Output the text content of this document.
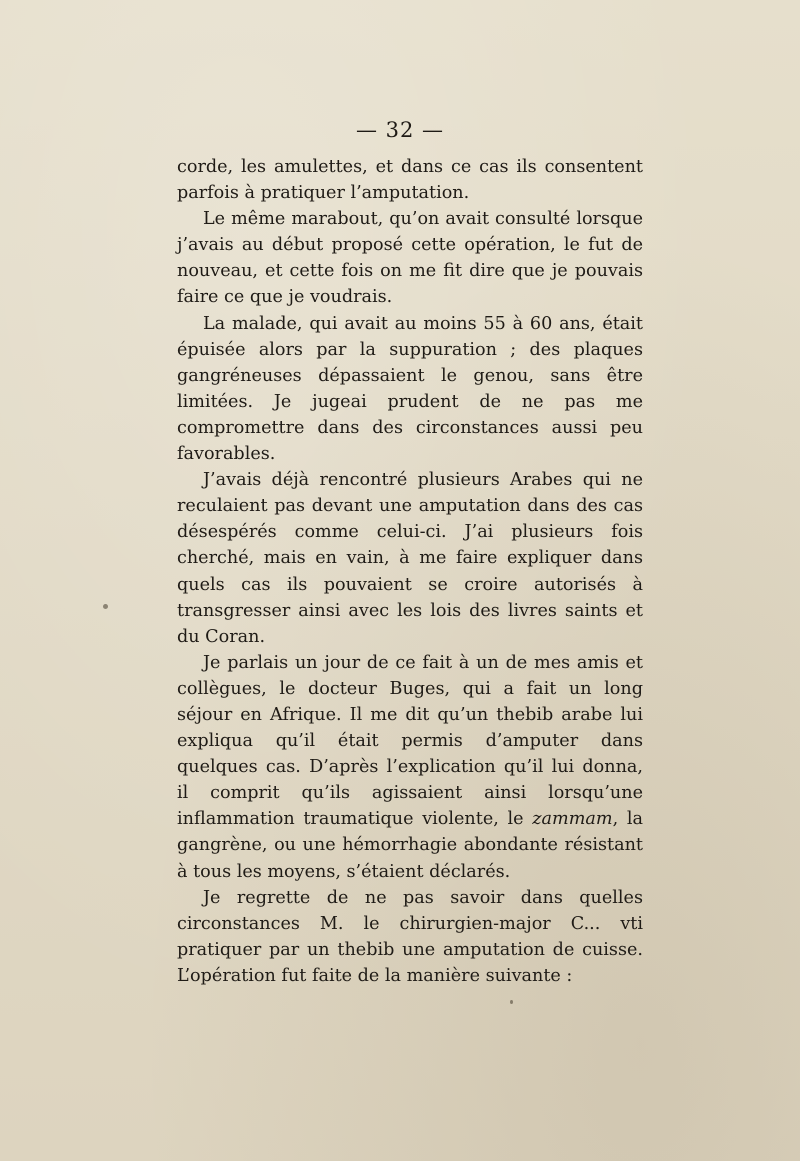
— 32 —

corde, les amulettes, et dans ce cas ils consentent parfois à pratiquer l’amputation.

Le même marabout, qu’on avait consulté lorsque j’avais au début proposé cette opération, le fut de nouveau, et cette fois on me fit dire que je pouvais faire ce que je voudrais.

La malade, qui avait au moins 55 à 60 ans, était épuisée alors par la suppuration ; des plaques gangréneuses dépassaient le genou, sans être limitées. Je jugeai prudent de ne pas me compromettre dans des circonstances aussi peu favorables.

J’avais déjà rencontré plusieurs Arabes qui ne reculaient pas devant une amputation dans des cas désespérés comme celui-ci. J’ai plusieurs fois cherché, mais en vain, à me faire expliquer dans quels cas ils pouvaient se croire autorisés à transgresser ainsi avec les lois des livres saints et du Coran.

Je parlais un jour de ce fait à un de mes amis et collègues, le docteur Buges, qui a fait un long séjour en Afrique. Il me dit qu’un thebib arabe lui expliqua qu’il était permis d’amputer dans quelques cas. D’après l’explication qu’il lui donna, il comprit qu’ils agissaient ainsi lorsqu’une inflammation traumatique violente, le zammam, la gangrène, ou une hémorrhagie abondante résistant à tous les moyens, s’étaient déclarés.

Je regrette de ne pas savoir dans quelles circonstances M. le chirurgien-major C... vti pratiquer par un thebib une amputation de cuisse. L’opération fut faite de la manière suivante :
